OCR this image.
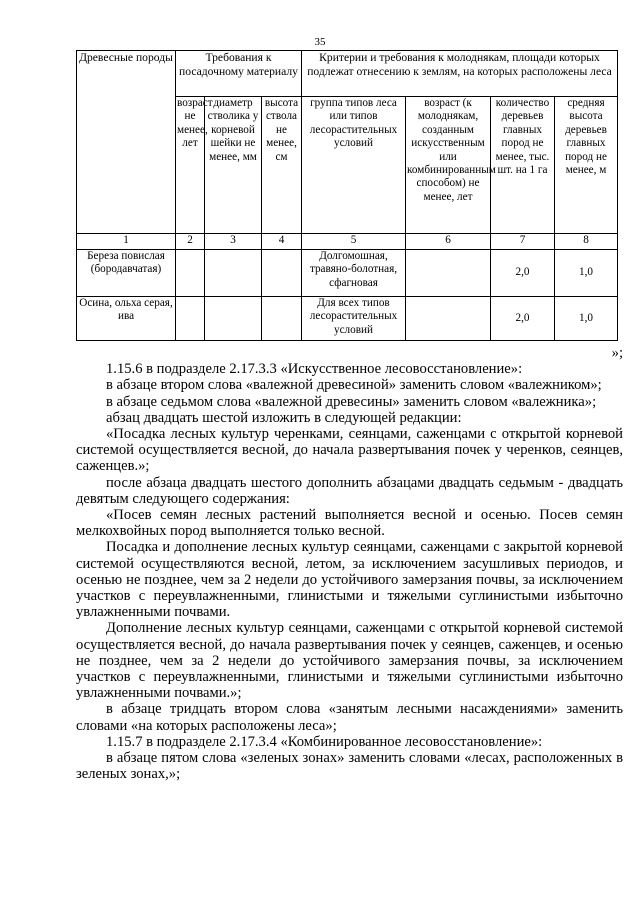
35
Древесные породы	Требования к посадочному материалу			Критерии и требования к молоднякам, площади которых подлежат отнесению к землям, на которых расположены леса			
	возраст не менее, лет	диаметр стволика у корневой шейки не менее, мм	высота ствола не менее, см	группа типов леса или типов лесорастительных условий	возраст (к молоднякам, созданным искусственным или комбинированным способом) не менее, лет	количество деревьев главных пород не менее, тыс. шт. на 1 га	средняя высота деревьев главных пород не менее, м
1	2	3	4	5	6	7	8
Береза повислая (бородавчатая)				Долгомошная, травяно-болотная, сфагновая		2,0	1,0
Осина, ольха серая, ива				Для всех типов лесорастительных условий		2,0	1,0

»;

1.15.6 в подразделе 2.17.3.3 «Искусственное лесовосстановление»:

в абзаце втором слова «валежной древесиной» заменить словом «валежником»;

в абзаце седьмом слова «валежной древесины» заменить словом «валежника»;

абзац двадцать шестой изложить в следующей редакции:

«Посадка лесных культур черенками, сеянцами, саженцами с открытой корневой системой осуществляется весной, до начала развертывания почек у черенков, сеянцев, саженцев.»;

после абзаца двадцать шестого дополнить абзацами двадцать седьмым - двадцать девятым следующего содержания:

«Посев семян лесных растений выполняется весной и осенью. Посев семян мелкохвойных пород выполняется только весной.

Посадка и дополнение лесных культур сеянцами, саженцами с закрытой корневой системой осуществляются весной, летом, за исключением засушливых периодов, и осенью не позднее, чем за 2 недели до устойчивого замерзания почвы, за исключением участков с переувлажненными, глинистыми и тяжелыми суглинистыми избыточно увлажненными почвами.

Дополнение лесных культур сеянцами, саженцами с открытой корневой системой осуществляется весной, до начала развертывания почек у сеянцев, саженцев, и осенью не позднее, чем за 2 недели до устойчивого замерзания почвы, за исключением участков с переувлажненными, глинистыми и тяжелыми суглинистыми избыточно увлажненными почвами.»;

в абзаце тридцать втором слова «занятым лесными насаждениями» заменить словами «на которых расположены леса»;

1.15.7 в подразделе 2.17.3.4 «Комбинированное лесовосстановление»:

в абзаце пятом слова «зеленых зонах» заменить словами «лесах, расположенных в зеленых зонах,»;
